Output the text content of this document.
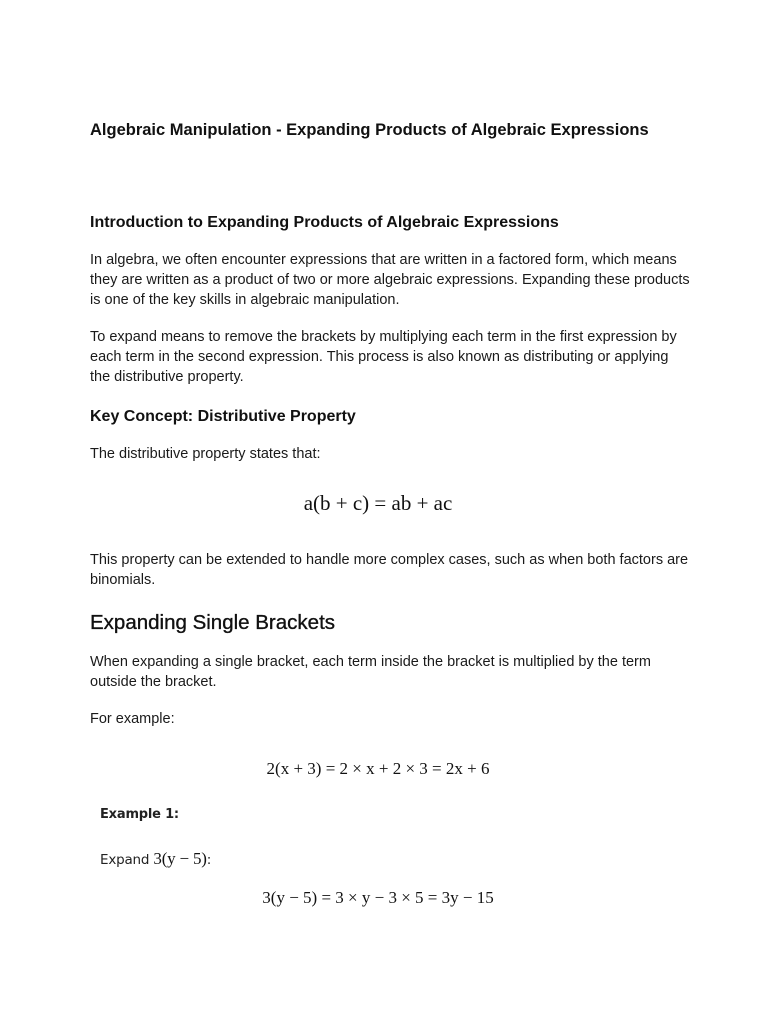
Algebraic Manipulation - Expanding Products of Algebraic Expressions
Introduction to Expanding Products of Algebraic Expressions
In algebra, we often encounter expressions that are written in a factored form, which means they are written as a product of two or more algebraic expressions. Expanding these products is one of the key skills in algebraic manipulation.
To expand means to remove the brackets by multiplying each term in the first expression by each term in the second expression. This process is also known as distributing or applying the distributive property.
Key Concept: Distributive Property
The distributive property states that:
a(b + c) = ab + ac
This property can be extended to handle more complex cases, such as when both factors are binomials.
Expanding Single Brackets
When expanding a single bracket, each term inside the bracket is multiplied by the term outside the bracket.
For example:
2(x + 3) = 2 × x + 2 × 3 = 2x + 6
Example 1:
Expand 3(y − 5):
3(y − 5) = 3 × y − 3 × 5 = 3y − 15
